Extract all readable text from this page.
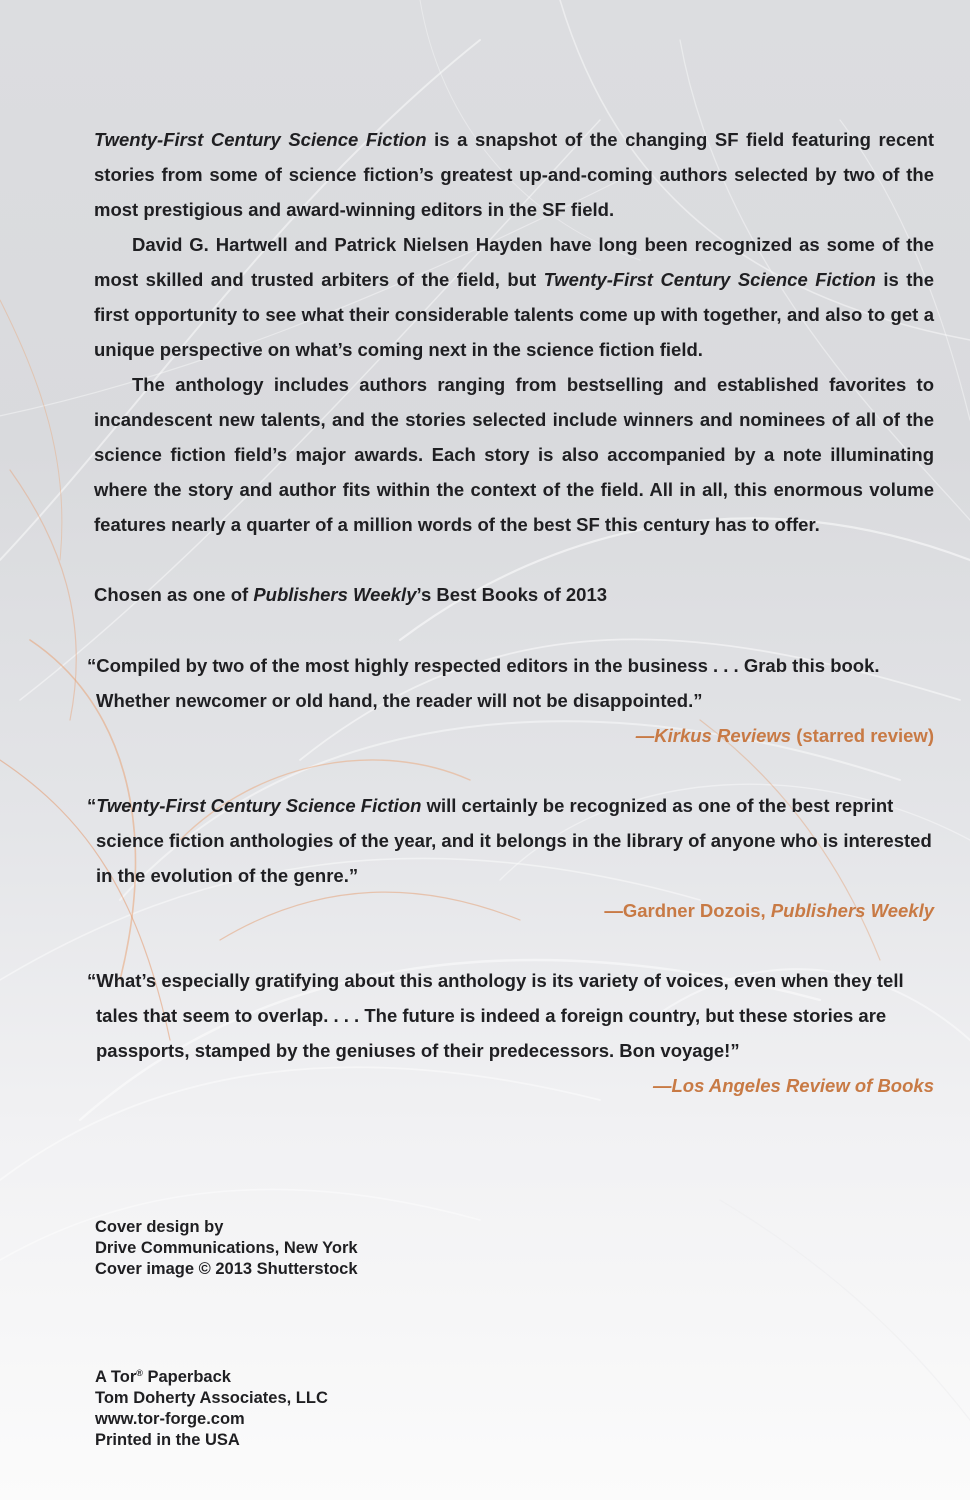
Twenty-First Century Science Fiction is a snapshot of the changing SF field featuring recent stories from some of science fiction’s greatest up-and-coming authors selected by two of the most prestigious and award-winning editors in the SF field.

David G. Hartwell and Patrick Nielsen Hayden have long been recognized as some of the most skilled and trusted arbiters of the field, but Twenty-First Century Science Fiction is the first opportunity to see what their considerable talents come up with together, and also to get a unique perspective on what’s coming next in the science fiction field.

The anthology includes authors ranging from bestselling and established favorites to incandescent new talents, and the stories selected include winners and nominees of all of the science fiction field’s major awards. Each story is also accompanied by a note illuminating where the story and author fits within the context of the field. All in all, this enormous volume features nearly a quarter of a million words of the best SF this century has to offer.

Chosen as one of Publishers Weekly’s Best Books of 2013

“Compiled by two of the most highly respected editors in the business . . . Grab this book. Whether newcomer or old hand, the reader will not be disappointed.”

—Kirkus Reviews (starred review)

“Twenty-First Century Science Fiction will certainly be recognized as one of the best reprint science fiction anthologies of the year, and it belongs in the library of anyone who is interested in the evolution of the genre.”

—Gardner Dozois, Publishers Weekly

“What’s especially gratifying about this anthology is its variety of voices, even when they tell tales that seem to overlap. . . . The future is indeed a foreign country, but these stories are passports, stamped by the geniuses of their predecessors. Bon voyage!”

—Los Angeles Review of Books

Cover design by
Drive Communications, New York
Cover image © 2013 Shutterstock
A Tor® Paperback
Tom Doherty Associates, LLC
www.tor-forge.com
Printed in the USA
